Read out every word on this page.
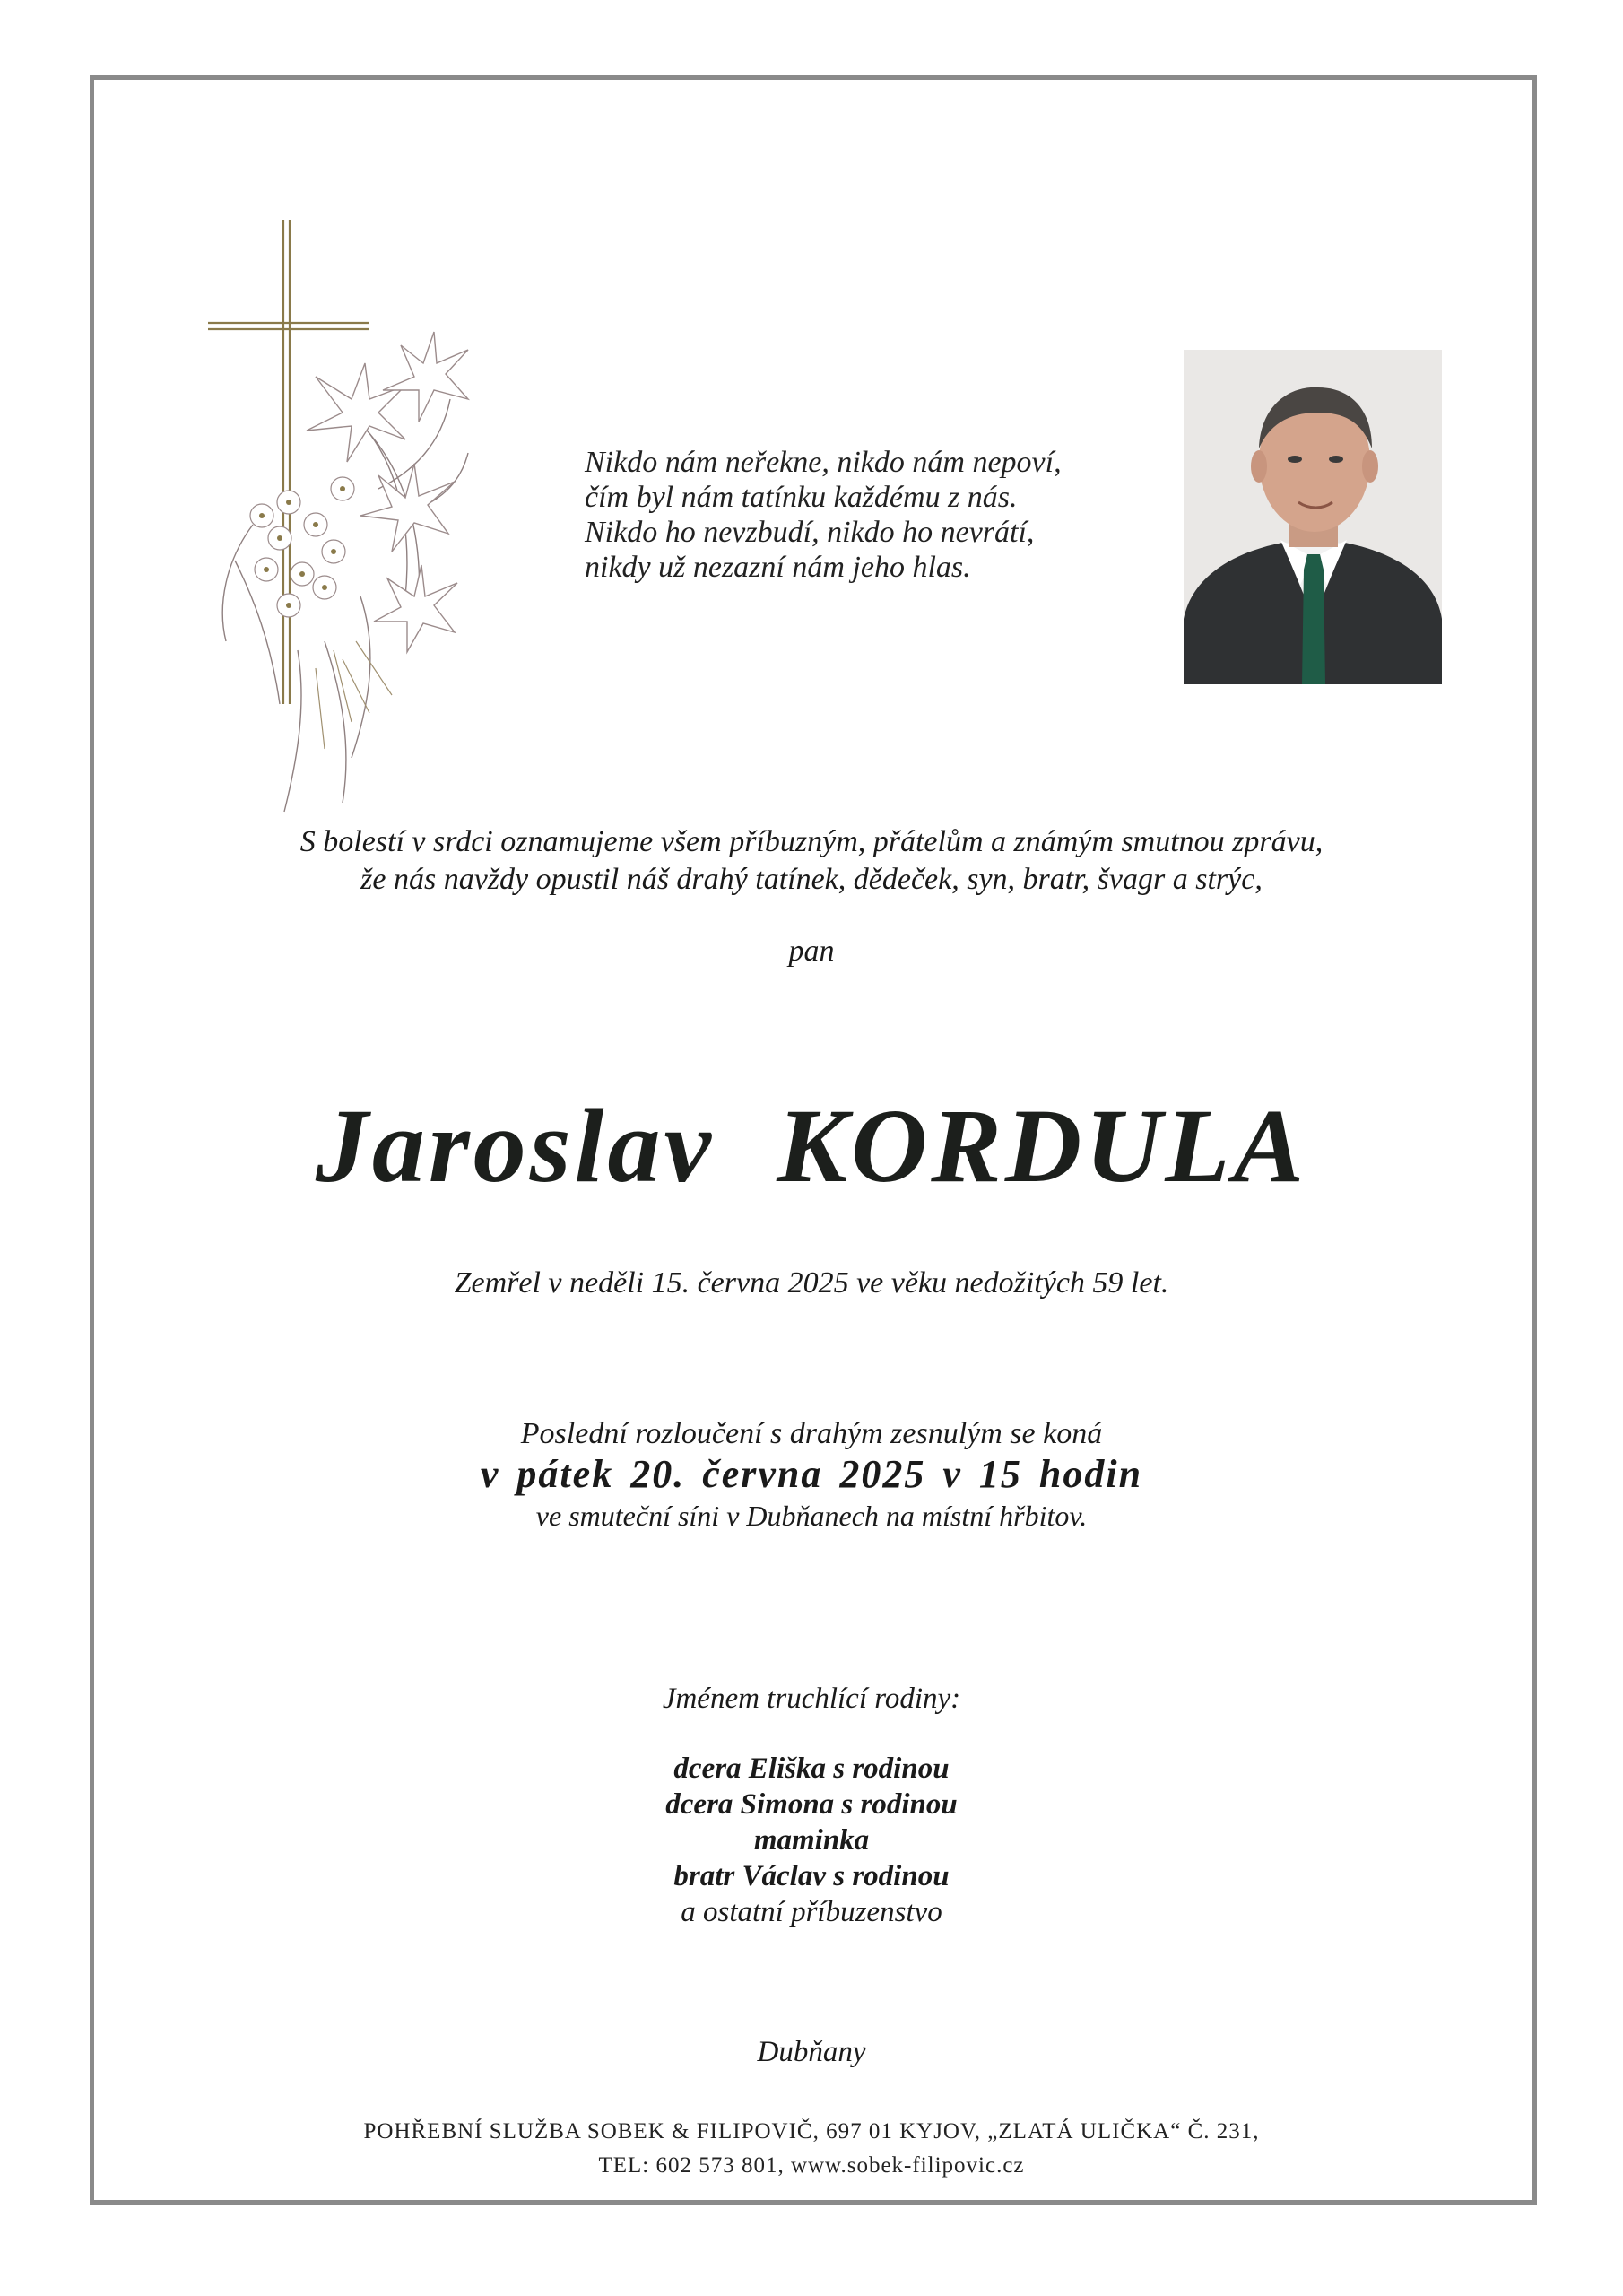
Nikdo nám neřekne, nikdo nám nepoví,
čím byl nám tatínku každému z nás.
Nikdo ho nevzbudí, nikdo ho nevrátí,
nikdy už nezazní nám jeho hlas.
S bolestí v srdci oznamujeme všem příbuzným, přátelům a známým smutnou zprávu,
že nás navždy opustil náš drahý tatínek, dědeček, syn, bratr, švagr a strýc,
pan
Jaroslav KORDULA
Zemřel v neděli 15. června 2025 ve věku nedožitých 59 let.
Poslední rozloučení s drahým zesnulým se koná
v pátek 20. června 2025 v 15 hodin
ve smuteční síni v Dubňanech na místní hřbitov.
Jménem truchlící rodiny:
dcera Eliška s rodinou
dcera Simona s rodinou
maminka
bratr Václav s rodinou
a ostatní příbuzenstvo
Dubňany
POHŘEBNÍ SLUŽBA SOBEK & FILIPOVIČ, 697 01 KYJOV, „ZLATÁ ULIČKA“ Č. 231,
TEL: 602 573 801, www.sobek-filipovic.cz
